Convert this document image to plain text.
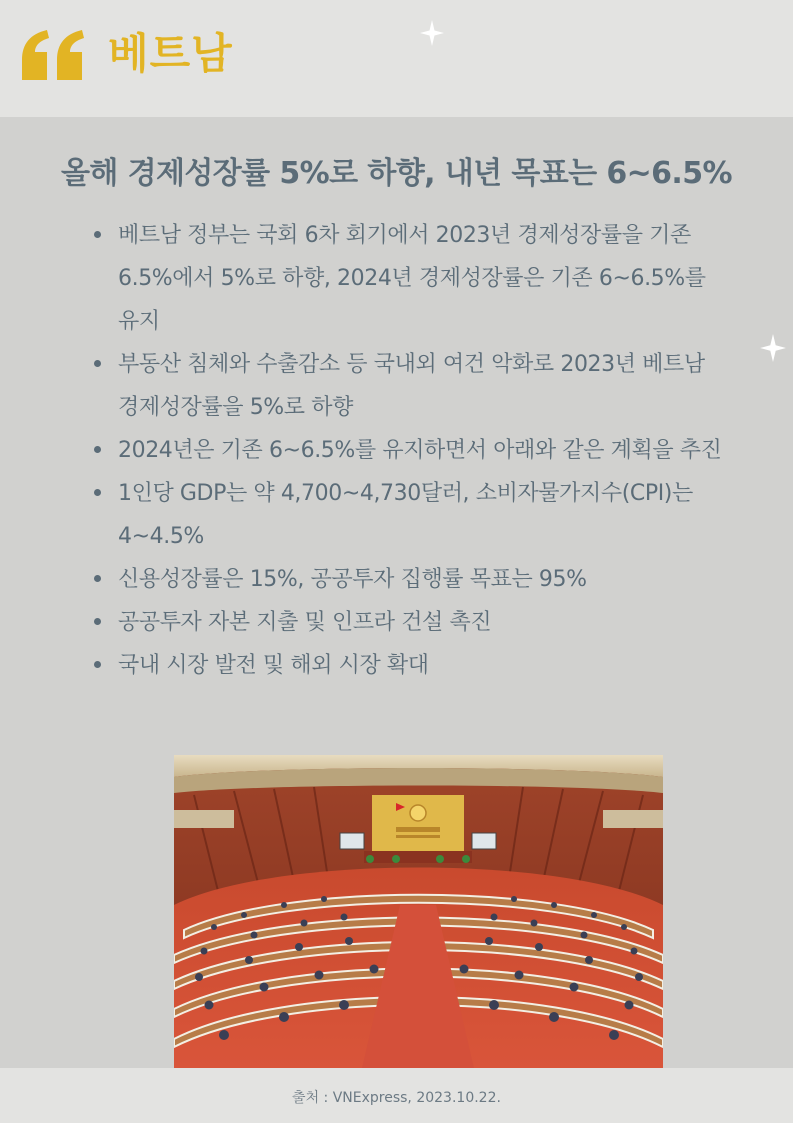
베트남
올해 경제성장률 5%로 하향, 내년 목표는 6~6.5%
베트남 정부는 국회 6차 회기에서 2023년 경제성장률을 기존 6.5%에서 5%로 하향, 2024년 경제성장률은 기존 6~6.5%를 유지
부동산 침체와 수출감소 등 국내외 여건 악화로 2023년 베트남 경제성장률을 5%로 하향
2024년은 기존 6~6.5%를 유지하면서 아래와 같은 계획을 추진
1인당 GDP는 약 4,700~4,730달러, 소비자물가지수(CPI)는 4~4.5%
신용성장률은 15%, 공공투자 집행률 목표는 95%
공공투자 자본 지출 및 인프라 건설 촉진
국내 시장 발전 및 해외 시장 확대
출처 : VNExpress, 2023.10.22.
